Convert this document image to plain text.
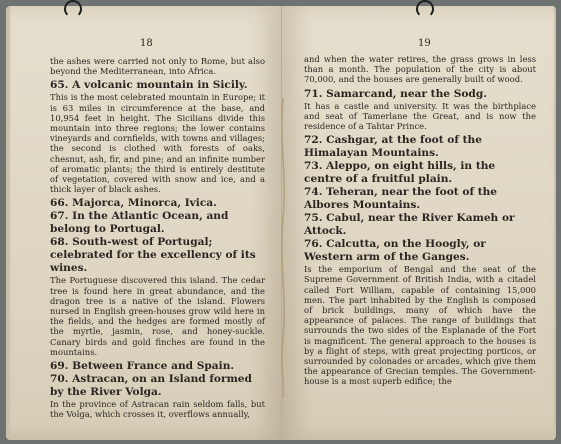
18

the ashes were carried not only to Rome, but also beyond the Mediterranean, into Africa.

65. A volcanic mountain in Sicily.

This is the most celebrated mountain in Europe; it is 63 miles in circumference at the base, and 10,954 feet in height. The Sicilians divide this mountain into three regions; the lower contains vineyards and cornfields, with towns and villages; the second is clothed with forests of oaks, chesnut, ash, fir, and pine; and an infinite number of aromatic plants; the third is entirely destitute of vegetation, covered with snow and ice, and a thick layer of black ashes.

66. Majorca, Minorca, Ivica.

67. In the Atlantic Ocean, and belong to Portugal.

68. South-west of Portugal; celebrated for the excellency of its wines.

The Portuguese discovered this island. The cedar tree is found here in great abundance, and the dragon tree is a native of the island. Flowers nursed in English green-houses grow wild here in the fields, and the hedges are formed mostly of the myrtle, jasmin, rose, and honey-suckle. Canary birds and gold finches are found in the mountains.

69. Between France and Spain.

70. Astracan, on an Island formed by the River Volga.

In the province of Astracan rain seldom falls, but the Volga, which crosses it, overflows annually,

19

and when the water retires, the grass grows in less than a month. The population of the city is about 70,000, and the houses are generally built of wood.

71. Samarcand, near the Sodg.

It has a castle and university. It was the birthplace and seat of Tamerlane the Great, and is now the residence of a Tahtar Prince.

72. Cashgar, at the foot of the Himalayan Mountains.

73. Aleppo, on eight hills, in the centre of a fruitful plain.

74. Teheran, near the foot of the Albores Mountains.

75. Cabul, near the River Kameh or Attock.

76. Calcutta, on the Hoogly, or Western arm of the Ganges.

Is the emporium of Bengal and the seat of the Supreme Government of British India, with a citadel called Fort William, capable of containing 15,000 men. The part inhabited by the English is composed of brick buildings, many of which have the appearance of palaces. The range of buildings that surrounds the two sides of the Esplanade of the Fort is magnificent. The general approach to the houses is by a flight of steps, with great projecting porticos, or surrounded by colonades or arcades, which give them the appearance of Grecian temples. The Government-house is a most superb edifice; the
